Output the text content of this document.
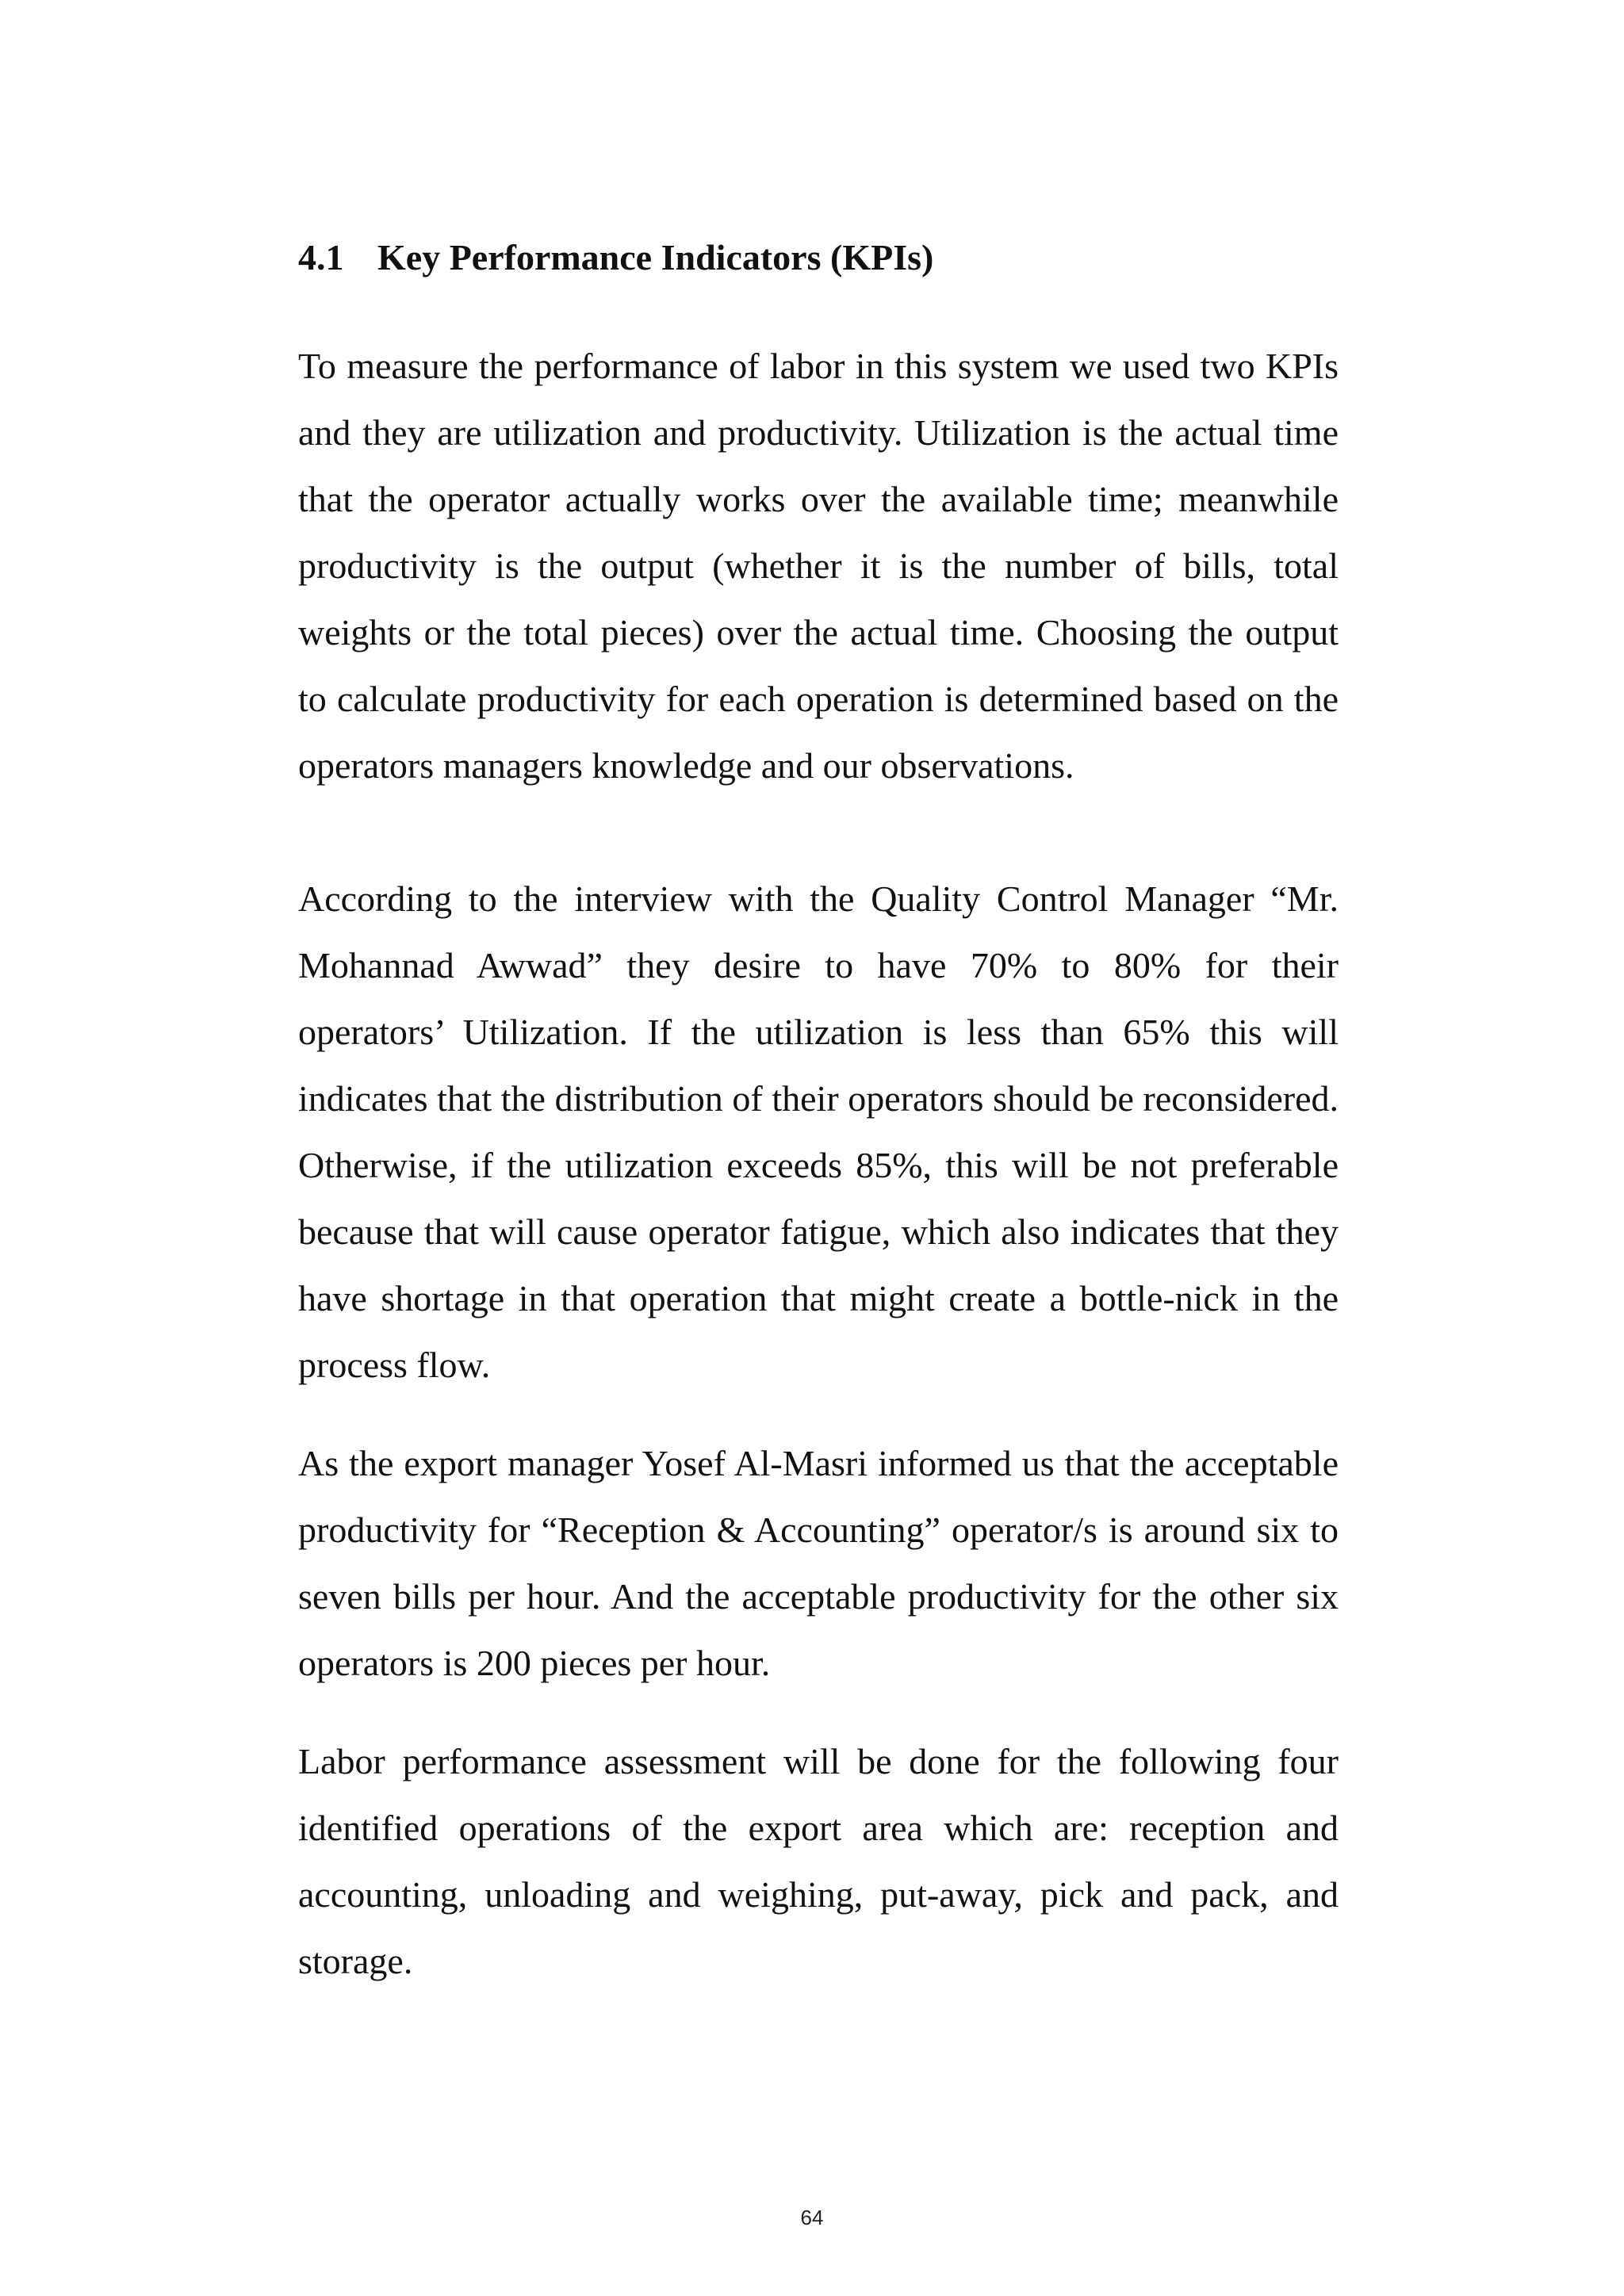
4.1 Key Performance Indicators (KPIs)

To measure the performance of labor in this system we used two KPIs and they are utilization and productivity. Utilization is the actual time that the operator actually works over the available time; meanwhile productivity is the output (whether it is the number of bills, total weights or the total pieces) over the actual time. Choosing the output to calculate productivity for each operation is determined based on the operators managers knowledge and our observations.

According to the interview with the Quality Control Manager “Mr. Mohannad Awwad” they desire to have 70% to 80% for their operators’ Utilization. If the utilization is less than 65% this will indicates that the distribution of their operators should be reconsidered. Otherwise, if the utilization exceeds 85%, this will be not preferable because that will cause operator fatigue, which also indicates that they have shortage in that operation that might create a bottle-nick in the process flow.

As the export manager Yosef Al-Masri informed us that the acceptable productivity for “Reception & Accounting” operator/s is around six to seven bills per hour. And the acceptable productivity for the other six operators is 200 pieces per hour.

Labor performance assessment will be done for the following four identified operations of the export area which are: reception and accounting, unloading and weighing, put-away, pick and pack, and storage.

64
